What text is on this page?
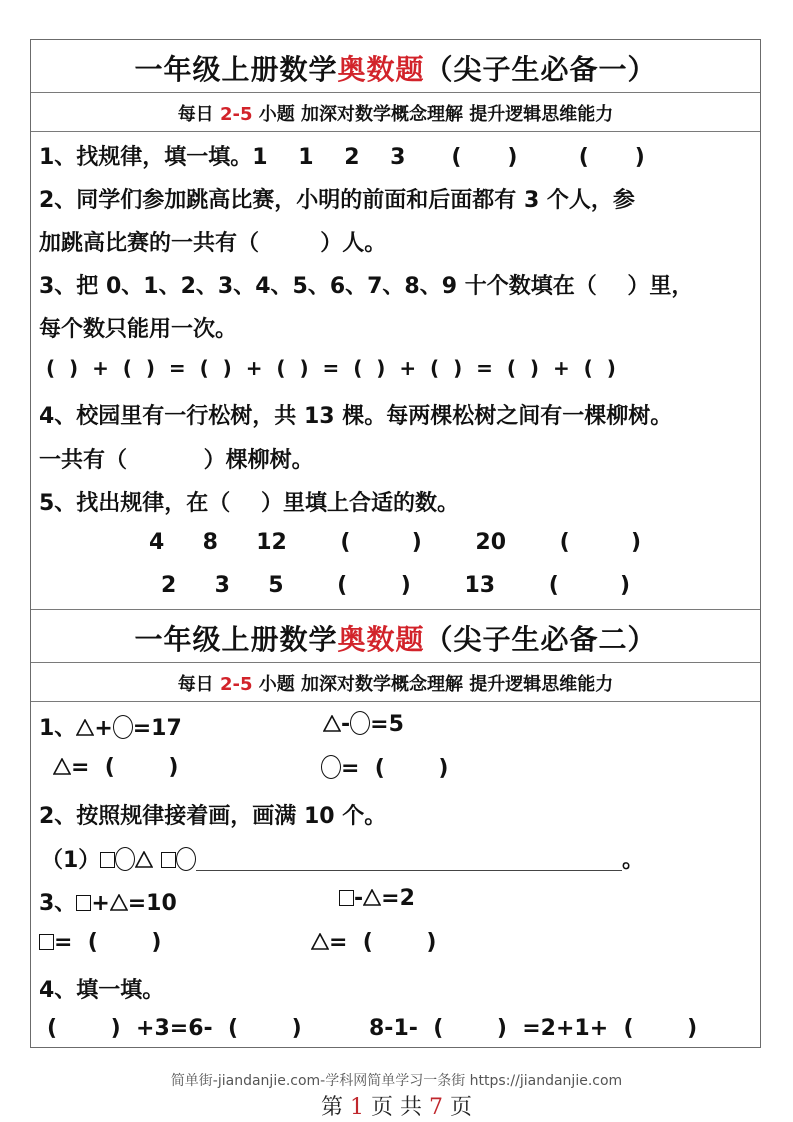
一年级上册数学奥数题（尖子生必备一）
每日 2-5 小题 加深对数学概念理解 提升逻辑思维能力
1、找规律，填一填。1    1    2    3      (      )        (      )
2、同学们参加跳高比赛，小明的前面和后面都有 3 个人，参
加跳高比赛的一共有（        ）人。
3、把 0、1、2、3、4、5、6、7、8、9 十个数填在（    ）里，
每个数只能用一次。
(  )  +  (  )  =  (  )  +  (  )  =  (  )  +  (  )  =  (  )  +  (  )
4、校园里有一行松树，共 13 棵。每两棵松树之间有一棵柳树。
一共有（          ）棵柳树。
5、找出规律，在（    ）里填上合适的数。
4     8     12       (        )       20       (        )
2     3     5       (       )       13       (        )
一年级上册数学奥数题（尖子生必备二）
每日 2-5 小题 加深对数学概念理解 提升逻辑思维能力
1、 + =17	- =5
=  (       )	=  (       )
2、按照规律接着画，画满 10 个。
（1）	。
3、 + =10	- =2
=  (       )	=  (       )
4、填一填。
(       )  +3=6-  (       )	8-1-  (       )  =2+1+  (       )
简单街-jiandanjie.com-学科网简单学习一条街 https://jiandanjie.com
第 1 页 共 7 页
